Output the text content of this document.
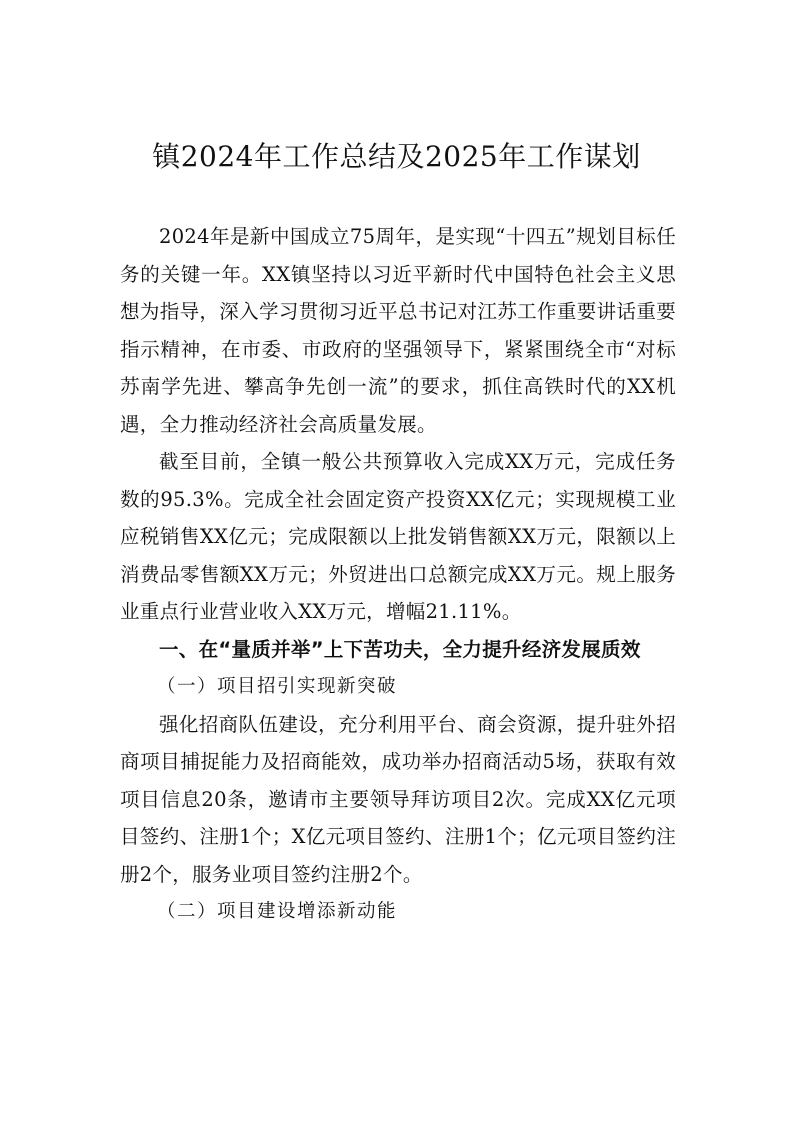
镇2024年工作总结及2025年工作谋划

2024年是新中国成立75周年，是实现“十四五”规划目标任务的关键一年。XX镇坚持以习近平新时代中国特色社会主义思想为指导，深入学习贯彻习近平总书记对江苏工作重要讲话重要指示精神，在市委、市政府的坚强领导下，紧紧围绕全市“对标苏南学先进、攀高争先创一流”的要求，抓住高铁时代的XX机遇，全力推动经济社会高质量发展。

截至目前，全镇一般公共预算收入完成XX万元，完成任务数的95.3%。完成全社会固定资产投资XX亿元；实现规模工业应税销售XX亿元；完成限额以上批发销售额XX万元，限额以上消费品零售额XX万元；外贸进出口总额完成XX万元。规上服务业重点行业营业收入XX万元，增幅21.11%。

一、在“量质并举”上下苦功夫，全力提升经济发展质效

（一）项目招引实现新突破

强化招商队伍建设，充分利用平台、商会资源，提升驻外招商项目捕捉能力及招商能效，成功举办招商活动5场，获取有效项目信息20条，邀请市主要领导拜访项目2次。完成XX亿元项目签约、注册1个；X亿元项目签约、注册1个；亿元项目签约注册2个，服务业项目签约注册2个。

（二）项目建设增添新动能
